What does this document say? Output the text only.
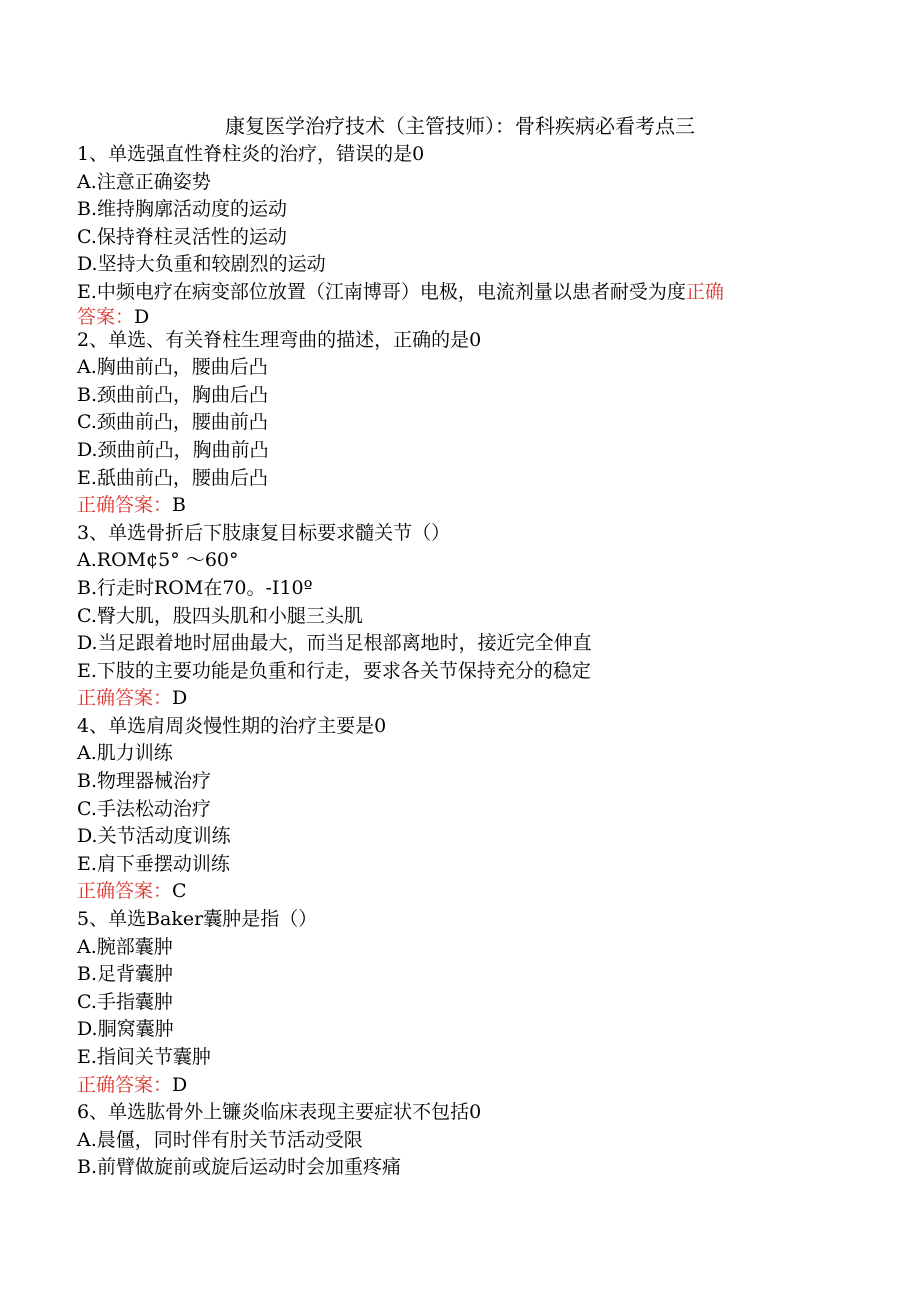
康复医学治疗技术（主管技师）：骨科疾病必看考点三
1、单选强直性脊柱炎的治疗，错误的是0
A.注意正确姿势
B.维持胸廓活动度的运动
C.保持脊柱灵活性的运动
D.坚持大负重和较剧烈的运动
E.中频电疗在病变部位放置（江南博哥）电极，电流剂量以患者耐受为度正确
答案：D
2、单选、有关脊柱生理弯曲的描述，正确的是0
A.胸曲前凸，腰曲后凸
B.颈曲前凸，胸曲后凸
C.颈曲前凸，腰曲前凸
D.颈曲前凸，胸曲前凸
E.舐曲前凸，腰曲后凸
正确答案：B
3、单选骨折后下肢康复目标要求髓关节（）
A.ROM¢5° ～60°
B.行走时ROM在70。-I10º
C.臀大肌，股四头肌和小腿三头肌
D.当足跟着地时屈曲最大，而当足根部离地时，接近完全伸直
E.下肢的主要功能是负重和行走，要求各关节保持充分的稳定
正确答案：D
4、单选肩周炎慢性期的治疗主要是0
A.肌力训练
B.物理器械治疗
C.手法松动治疗
D.关节活动度训练
E.肩下垂摆动训练
正确答案：C
5、单选Baker囊肿是指（）
A.腕部囊肿
B.足背囊肿
C.手指囊肿
D.胴窝囊肿
E.指间关节囊肿
正确答案：D
6、单选肱骨外上镰炎临床表现主要症状不包括0
A.晨僵，同时伴有肘关节活动受限
B.前臂做旋前或旋后运动时会加重疼痛
